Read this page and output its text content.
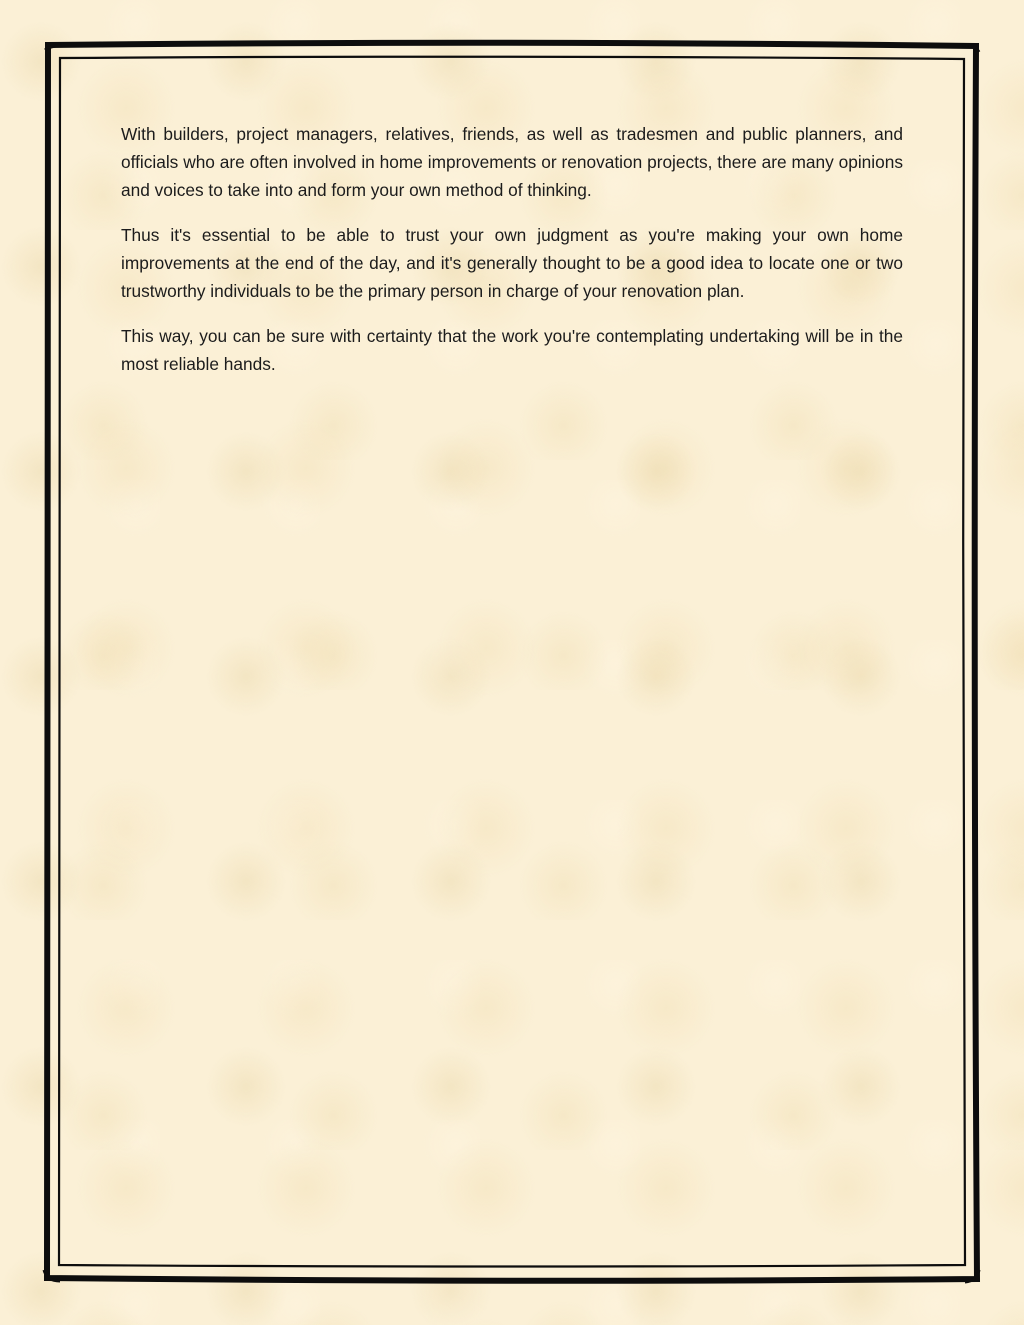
With builders, project managers, relatives, friends, as well as tradesmen and public planners, and officials who are often involved in home improvements or renovation projects, there are many opinions and voices to take into and form your own method of thinking.

Thus it's essential to be able to trust your own judgment as you're making your own home improvements at the end of the day, and it's generally thought to be a good idea to locate one or two trustworthy individuals to be the primary person in charge of your renovation plan.

This way, you can be sure with certainty that the work you're contemplating undertaking will be in the most reliable hands.
